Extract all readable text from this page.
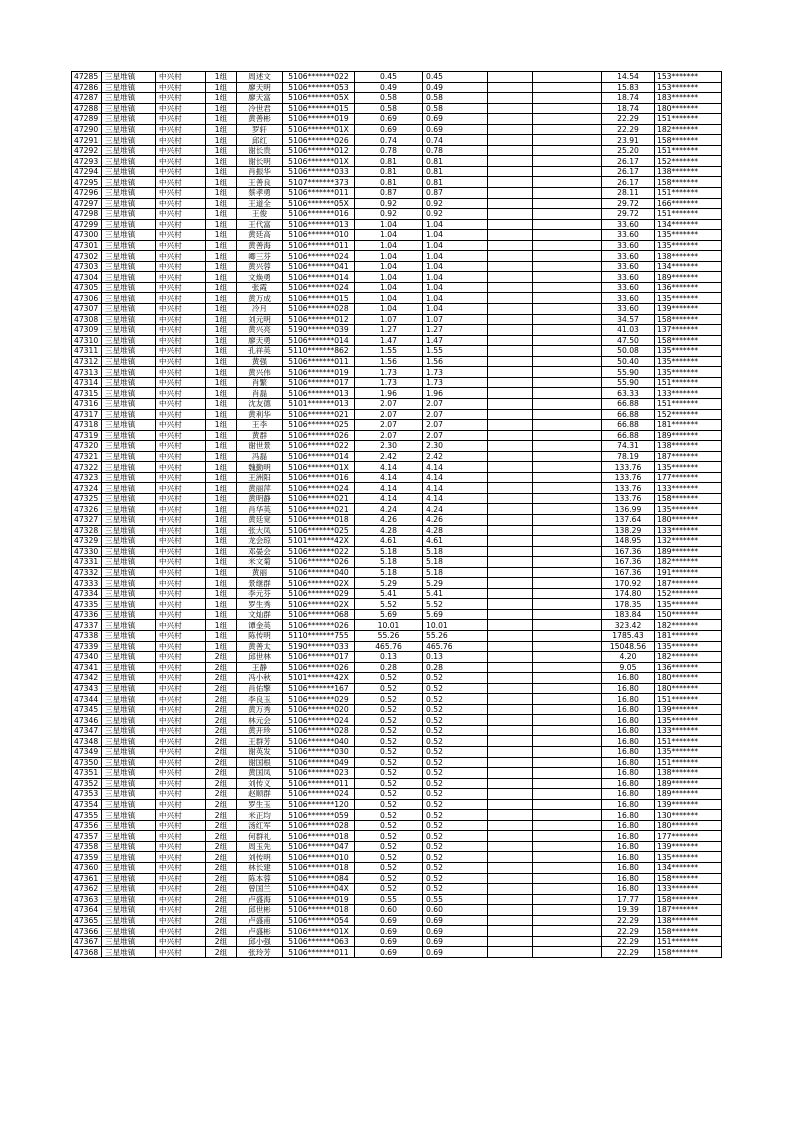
47285	三星堆镇	中兴村	1组	周述文	5106*******022	0.45	0.45			14.54	153*******
47286	三星堆镇	中兴村	1组	廖天明	5106*******053	0.49	0.49			15.83	153*******
47287	三星堆镇	中兴村	1组	廖天富	5106*******05X	0.58	0.58			18.74	183*******
47288	三星堆镇	中兴村	1组	冷世君	5106*******015	0.58	0.58			18.74	180*******
47289	三星堆镇	中兴村	1组	黄善彬	5106*******019	0.69	0.69			22.29	151*******
47290	三星堆镇	中兴村	1组	罗轩	5106*******01X	0.69	0.69			22.29	182*******
47291	三星堆镇	中兴村	1组	邱红	5106*******026	0.74	0.74			23.91	158*******
47292	三星堆镇	中兴村	1组	谢长贵	5106*******012	0.78	0.78			25.20	151*******
47293	三星堆镇	中兴村	1组	谢长明	5106*******01X	0.81	0.81			26.17	152*******
47294	三星堆镇	中兴村	1组	肖振华	5106*******033	0.81	0.81			26.17	138*******
47295	三星堆镇	中兴村	1组	王善良	5107*******373	0.81	0.81			26.17	158*******
47296	三星堆镇	中兴村	1组	蔡孝勇	5106*******011	0.87	0.87			28.11	151*******
47297	三星堆镇	中兴村	1组	王道全	5106*******05X	0.92	0.92			29.72	166*******
47298	三星堆镇	中兴村	1组	王俊	5106*******016	0.92	0.92			29.72	151*******
47299	三星堆镇	中兴村	1组	王代富	5106*******013	1.04	1.04			33.60	134*******
47300	三星堆镇	中兴村	1组	黄廷高	5106*******010	1.04	1.04			33.60	135*******
47301	三星堆镇	中兴村	1组	黄善海	5106*******011	1.04	1.04			33.60	135*******
47302	三星堆镇	中兴村	1组	卿三芬	5106*******024	1.04	1.04			33.60	138*******
47303	三星堆镇	中兴村	1组	黄兴蓉	5106*******041	1.04	1.04			33.60	134*******
47304	三星堆镇	中兴村	1组	文焕勇	5106*******014	1.04	1.04			33.60	189*******
47305	三星堆镇	中兴村	1组	张霞	5106*******024	1.04	1.04			33.60	136*******
47306	三星堆镇	中兴村	1组	黄万成	5106*******015	1.04	1.04			33.60	135*******
47307	三星堆镇	中兴村	1组	冷月	5106*******028	1.04	1.04			33.60	139*******
47308	三星堆镇	中兴村	1组	刘元明	5106*******012	1.07	1.07			34.57	158*******
47309	三星堆镇	中兴村	1组	黄兴亮	5190*******039	1.27	1.27			41.03	137*******
47310	三星堆镇	中兴村	1组	廖天勇	5106*******014	1.47	1.47			47.50	158*******
47311	三星堆镇	中兴村	1组	孔祥英	5110*******862	1.55	1.55			50.08	135*******
47312	三星堆镇	中兴村	1组	黄强	5106*******011	1.56	1.56			50.40	135*******
47313	三星堆镇	中兴村	1组	黄兴伟	5106*******019	1.73	1.73			55.90	135*******
47314	三星堆镇	中兴村	1组	肖繁	5106*******017	1.73	1.73			55.90	151*******
47315	三星堆镇	中兴村	1组	肖磊	5106*******013	1.96	1.96			63.33	133*******
47316	三星堆镇	中兴村	1组	沈友德	5101*******013	2.07	2.07			66.88	151*******
47317	三星堆镇	中兴村	1组	黄利华	5106*******021	2.07	2.07			66.88	152*******
47318	三星堆镇	中兴村	1组	王李	5106*******025	2.07	2.07			66.88	181*******
47319	三星堆镇	中兴村	1组	黄群	5106*******026	2.07	2.07			66.88	189*******
47320	三星堆镇	中兴村	1组	谢世景	5106*******022	2.30	2.30			74.31	138*******
47321	三星堆镇	中兴村	1组	冯磊	5106*******014	2.42	2.42			78.19	187*******
47322	三星堆镇	中兴村	1组	魏勤明	5106*******01X	4.14	4.14			133.76	135*******
47323	三星堆镇	中兴村	1组	王洲阳	5106*******016	4.14	4.14			133.76	177*******
47324	三星堆镇	中兴村	1组	黄丽萍	5106*******024	4.14	4.14			133.76	133*******
47325	三星堆镇	中兴村	1组	黄明静	5106*******021	4.14	4.14			133.76	158*******
47326	三星堆镇	中兴村	1组	肖华英	5106*******021	4.24	4.24			136.99	135*******
47327	三星堆镇	中兴村	1组	黄廷宽	5106*******018	4.26	4.26			137.64	180*******
47328	三星堆镇	中兴村	1组	张大凤	5106*******025	4.28	4.28			138.29	133*******
47329	三星堆镇	中兴村	1组	龙会琼	5101*******42X	4.61	4.61			148.95	132*******
47330	三星堆镇	中兴村	1组	邓晏会	5106*******022	5.18	5.18			167.36	189*******
47331	三星堆镇	中兴村	1组	米文菊	5106*******026	5.18	5.18			167.36	182*******
47332	三星堆镇	中兴村	1组	黄丽	5106*******040	5.18	5.18			167.36	191*******
47333	三星堆镇	中兴村	1组	景继群	5106*******02X	5.29	5.29			170.92	187*******
47334	三星堆镇	中兴村	1组	李元芬	5106*******029	5.41	5.41			174.80	152*******
47335	三星堆镇	中兴村	1组	罗生秀	5106*******02X	5.52	5.52			178.35	135*******
47336	三星堆镇	中兴村	1组	文灿群	5106*******068	5.69	5.69			183.84	150*******
47337	三星堆镇	中兴村	1组	谭金英	5106*******026	10.01	10.01			323.42	182*******
47338	三星堆镇	中兴村	1组	陈传明	5110*******755	55.26	55.26			1785.43	181*******
47339	三星堆镇	中兴村	1组	黄善太	5190*******033	465.76	465.76			15048.56	135*******
47340	三星堆镇	中兴村	2组	邱世林	5106*******017	0.13	0.13			4.20	182*******
47341	三星堆镇	中兴村	2组	王静	5106*******026	0.28	0.28			9.05	136*******
47342	三星堆镇	中兴村	2组	冯小秋	5101*******42X	0.52	0.52			16.80	180*******
47343	三星堆镇	中兴村	2组	肖佑擎	5106*******167	0.52	0.52			16.80	180*******
47344	三星堆镇	中兴村	2组	李良玉	5106*******029	0.52	0.52			16.80	151*******
47345	三星堆镇	中兴村	2组	黄万秀	5106*******020	0.52	0.52			16.80	139*******
47346	三星堆镇	中兴村	2组	林元会	5106*******024	0.52	0.52			16.80	135*******
47347	三星堆镇	中兴村	2组	黄开珍	5106*******028	0.52	0.52			16.80	133*******
47348	三星堆镇	中兴村	2组	王群芳	5106*******040	0.52	0.52			16.80	151*******
47349	三星堆镇	中兴村	2组	谢英发	5106*******030	0.52	0.52			16.80	135*******
47350	三星堆镇	中兴村	2组	谢国根	5106*******049	0.52	0.52			16.80	151*******
47351	三星堆镇	中兴村	2组	黄国凤	5106*******023	0.52	0.52			16.80	138*******
47352	三星堆镇	中兴村	2组	刘传义	5106*******011	0.52	0.52			16.80	189*******
47353	三星堆镇	中兴村	2组	赵顺群	5106*******024	0.52	0.52			16.80	189*******
47354	三星堆镇	中兴村	2组	罗生玉	5106*******120	0.52	0.52			16.80	139*******
47355	三星堆镇	中兴村	2组	米正均	5106*******059	0.52	0.52			16.80	130*******
47356	三星堆镇	中兴村	2组	汤红军	5106*******028	0.52	0.52			16.80	180*******
47357	三星堆镇	中兴村	2组	何群礼	5106*******018	0.52	0.52			16.80	177*******
47358	三星堆镇	中兴村	2组	周玉先	5106*******047	0.52	0.52			16.80	139*******
47359	三星堆镇	中兴村	2组	刘传明	5106*******010	0.52	0.52			16.80	135*******
47360	三星堆镇	中兴村	2组	林长建	5106*******018	0.52	0.52			16.80	134*******
47361	三星堆镇	中兴村	2组	陈本蓉	5106*******084	0.52	0.52			16.80	158*******
47362	三星堆镇	中兴村	2组	曾国兰	5106*******04X	0.52	0.52			16.80	133*******
47363	三星堆镇	中兴村	2组	卢盛海	5106*******019	0.55	0.55			17.77	158*******
47364	三星堆镇	中兴村	2组	邱世彬	5106*******018	0.60	0.60			19.39	187*******
47365	三星堆镇	中兴村	2组	卢盛甫	5106*******054	0.69	0.69			22.29	138*******
47366	三星堆镇	中兴村	2组	卢盛彬	5106*******01X	0.69	0.69			22.29	158*******
47367	三星堆镇	中兴村	2组	邱小强	5106*******063	0.69	0.69			22.29	151*******
47368	三星堆镇	中兴村	2组	张玲芳	5106*******011	0.69	0.69			22.29	158*******
